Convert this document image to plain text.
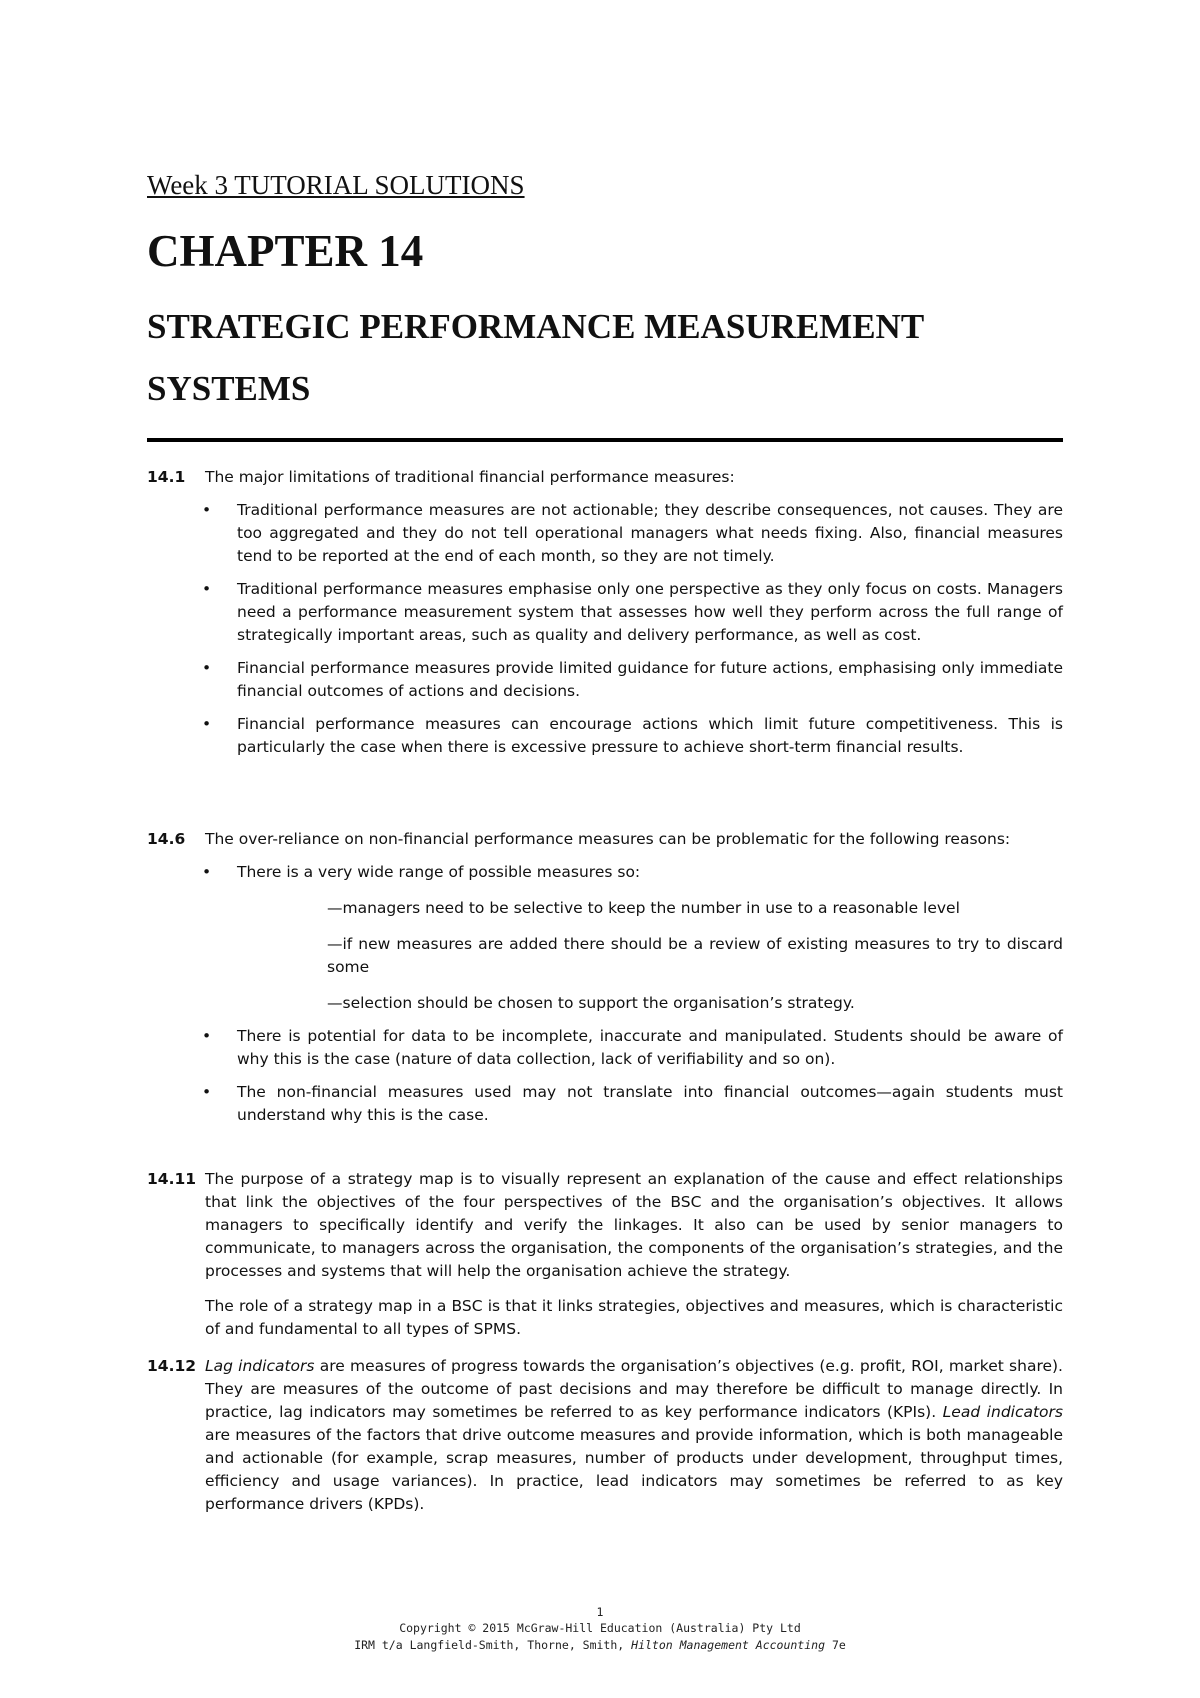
Week 3 TUTORIAL SOLUTIONS

CHAPTER 14

STRATEGIC PERFORMANCE MEASUREMENT
SYSTEMS

14.1 The major limitations of traditional financial performance measures:

• Traditional performance measures are not actionable; they describe consequences, not causes. They are too aggregated and they do not tell operational managers what needs fixing. Also, financial measures tend to be reported at the end of each month, so they are not timely.
• Traditional performance measures emphasise only one perspective as they only focus on costs. Managers need a performance measurement system that assesses how well they perform across the full range of strategically important areas, such as quality and delivery performance, as well as cost.
• Financial performance measures provide limited guidance for future actions, emphasising only immediate financial outcomes of actions and decisions.
• Financial performance measures can encourage actions which limit future competitiveness. This is particularly the case when there is excessive pressure to achieve short-term financial results.

14.6 The over-reliance on non-financial performance measures can be problematic for the following reasons:

• There is a very wide range of possible measures so:
—managers need to be selective to keep the number in use to a reasonable level
—if new measures are added there should be a review of existing measures to try to discard some
—selection should be chosen to support the organisation’s strategy.
• There is potential for data to be incomplete, inaccurate and manipulated. Students should be aware of why this is the case (nature of data collection, lack of verifiability and so on).
• The non-financial measures used may not translate into financial outcomes—again students must understand why this is the case.

14.11 The purpose of a strategy map is to visually represent an explanation of the cause and effect relationships that link the objectives of the four perspectives of the BSC and the organisation’s objectives. It allows managers to specifically identify and verify the linkages. It also can be used by senior managers to communicate, to managers across the organisation, the components of the organisation’s strategies, and the processes and systems that will help the organisation achieve the strategy.

The role of a strategy map in a BSC is that it links strategies, objectives and measures, which is characteristic of and fundamental to all types of SPMS.

14.12 Lag indicators are measures of progress towards the organisation’s objectives (e.g. profit, ROI, market share). They are measures of the outcome of past decisions and may therefore be difficult to manage directly. In practice, lag indicators may sometimes be referred to as key performance indicators (KPIs). Lead indicators are measures of the factors that drive outcome measures and provide information, which is both manageable and actionable (for example, scrap measures, number of products under development, throughput times, efficiency and usage variances). In practice, lead indicators may sometimes be referred to as key performance drivers (KPDs).

1
Copyright © 2015 McGraw-Hill Education (Australia) Pty Ltd
IRM t/a Langfield-Smith, Thorne, Smith, Hilton Management Accounting 7e
